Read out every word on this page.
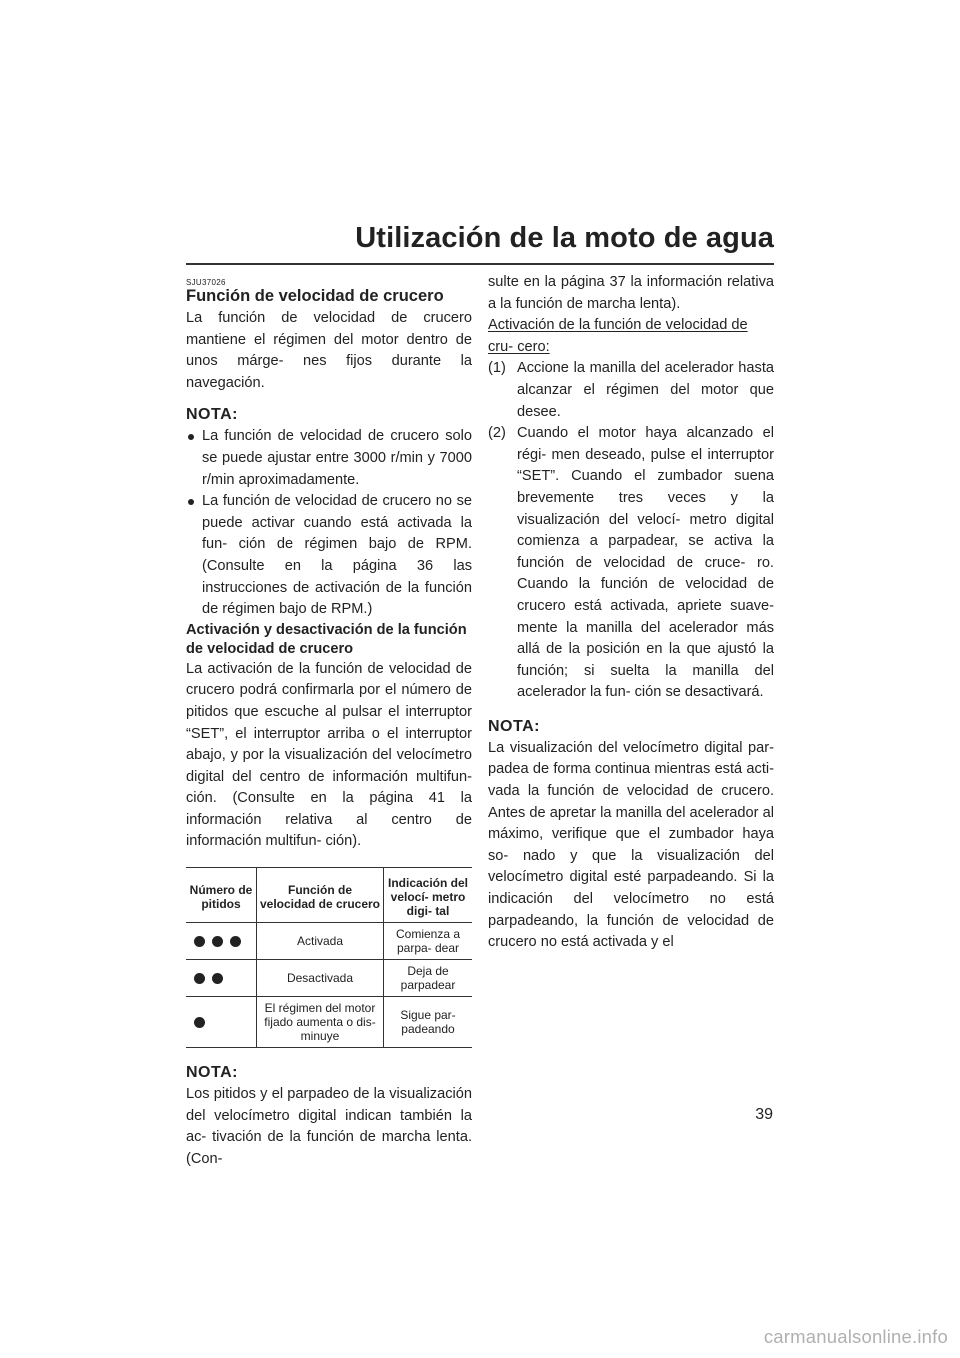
Utilización de la moto de agua

SJU37026

Función de velocidad de crucero

La función de velocidad de crucero mantiene el régimen del motor dentro de unos márge- nes fijos durante la navegación.

NOTA:

La función de velocidad de crucero solo se puede ajustar entre 3000 r/min y 7000 r/min aproximadamente.
La función de velocidad de crucero no se puede activar cuando está activada la fun- ción de régimen bajo de RPM. (Consulte en la página 36 las instrucciones de activación de la función de régimen bajo de RPM.)

Activación y desactivación de la función de velocidad de crucero

La activación de la función de velocidad de crucero podrá confirmarla por el número de pitidos que escuche al pulsar el interruptor “SET”, el interruptor arriba o el interruptor abajo, y por la visualización del velocímetro digital del centro de información multifun- ción. (Consulte en la página 41 la información relativa al centro de información multifun- ción).

Número de pitidos	Función de velocidad de crucero	Indicación del velocí- metro digi- tal

	Activada	Comienza a parpa- dear

	Desactivada	Deja de parpadear

	El régimen del motor fijado aumenta o dis- minuye	Sigue par- padeando

NOTA:

Los pitidos y el parpadeo de la visualización del velocímetro digital indican también la ac- tivación de la función de marcha lenta. (Con-

sulte en la página 37 la información relativa a la función de marcha lenta).

Activación de la función de velocidad de cru- cero:

(1) Accione la manilla del acelerador hasta alcanzar el régimen del motor que desee.
(2) Cuando el motor haya alcanzado el régi- men deseado, pulse el interruptor “SET”. Cuando el zumbador suena brevemente tres veces y la visualización del velocí- metro digital comienza a parpadear, se activa la función de velocidad de cruce- ro. Cuando la función de velocidad de crucero está activada, apriete suave- mente la manilla del acelerador más allá de la posición en la que ajustó la función; si suelta la manilla del acelerador la fun- ción se desactivará.

NOTA:

La visualización del velocímetro digital par- padea de forma continua mientras está acti- vada la función de velocidad de crucero. Antes de apretar la manilla del acelerador al máximo, verifique que el zumbador haya so- nado y que la visualización del velocímetro digital esté parpadeando. Si la indicación del velocímetro no está parpadeando, la función de velocidad de crucero no está activada y el

39
carmanualsonline.info
